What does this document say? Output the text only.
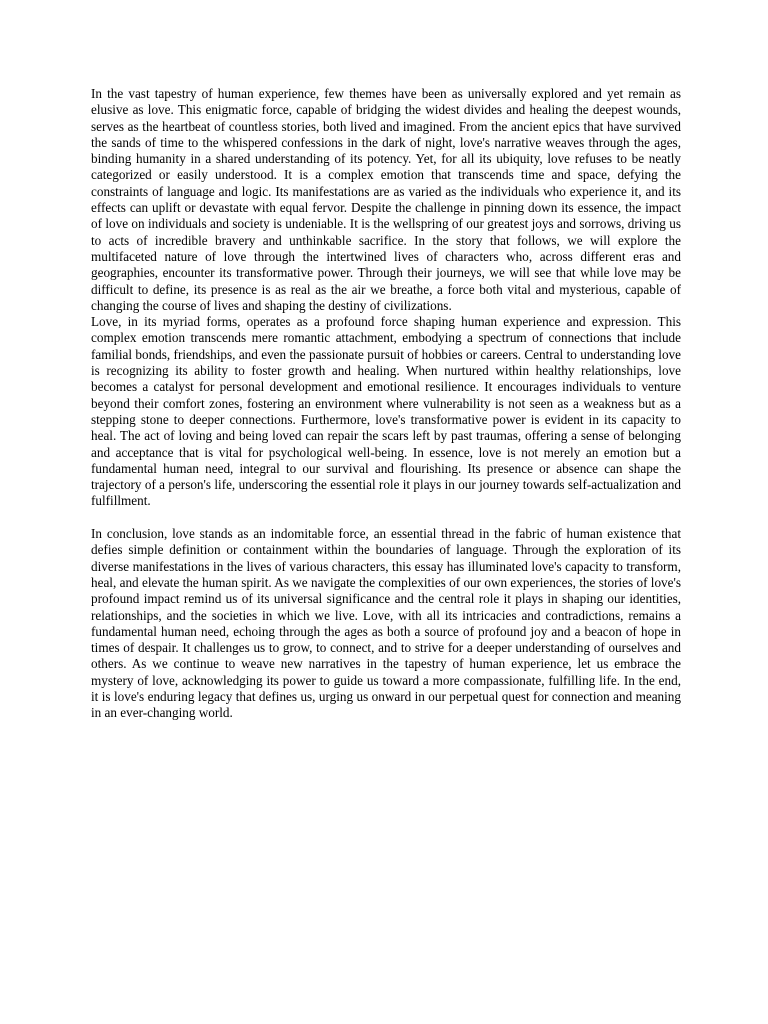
In the vast tapestry of human experience, few themes have been as universally explored and yet remain as elusive as love. This enigmatic force, capable of bridging the widest divides and healing the deepest wounds, serves as the heartbeat of countless stories, both lived and imagined. From the ancient epics that have survived the sands of time to the whispered confessions in the dark of night, love's narrative weaves through the ages, binding humanity in a shared understanding of its potency. Yet, for all its ubiquity, love refuses to be neatly categorized or easily understood. It is a complex emotion that transcends time and space, defying the constraints of language and logic. Its manifestations are as varied as the individuals who experience it, and its effects can uplift or devastate with equal fervor. Despite the challenge in pinning down its essence, the impact of love on individuals and society is undeniable. It is the wellspring of our greatest joys and sorrows, driving us to acts of incredible bravery and unthinkable sacrifice. In the story that follows, we will explore the multifaceted nature of love through the intertwined lives of characters who, across different eras and geographies, encounter its transformative power. Through their journeys, we will see that while love may be difficult to define, its presence is as real as the air we breathe, a force both vital and mysterious, capable of changing the course of lives and shaping the destiny of civilizations.

Love, in its myriad forms, operates as a profound force shaping human experience and expression. This complex emotion transcends mere romantic attachment, embodying a spectrum of connections that include familial bonds, friendships, and even the passionate pursuit of hobbies or careers. Central to understanding love is recognizing its ability to foster growth and healing. When nurtured within healthy relationships, love becomes a catalyst for personal development and emotional resilience. It encourages individuals to venture beyond their comfort zones, fostering an environment where vulnerability is not seen as a weakness but as a stepping stone to deeper connections. Furthermore, love's transformative power is evident in its capacity to heal. The act of loving and being loved can repair the scars left by past traumas, offering a sense of belonging and acceptance that is vital for psychological well-being. In essence, love is not merely an emotion but a fundamental human need, integral to our survival and flourishing. Its presence or absence can shape the trajectory of a person's life, underscoring the essential role it plays in our journey towards self-actualization and fulfillment.

In conclusion, love stands as an indomitable force, an essential thread in the fabric of human existence that defies simple definition or containment within the boundaries of language. Through the exploration of its diverse manifestations in the lives of various characters, this essay has illuminated love's capacity to transform, heal, and elevate the human spirit. As we navigate the complexities of our own experiences, the stories of love's profound impact remind us of its universal significance and the central role it plays in shaping our identities, relationships, and the societies in which we live. Love, with all its intricacies and contradictions, remains a fundamental human need, echoing through the ages as both a source of profound joy and a beacon of hope in times of despair. It challenges us to grow, to connect, and to strive for a deeper understanding of ourselves and others. As we continue to weave new narratives in the tapestry of human experience, let us embrace the mystery of love, acknowledging its power to guide us toward a more compassionate, fulfilling life. In the end, it is love's enduring legacy that defines us, urging us onward in our perpetual quest for connection and meaning in an ever-changing world.
